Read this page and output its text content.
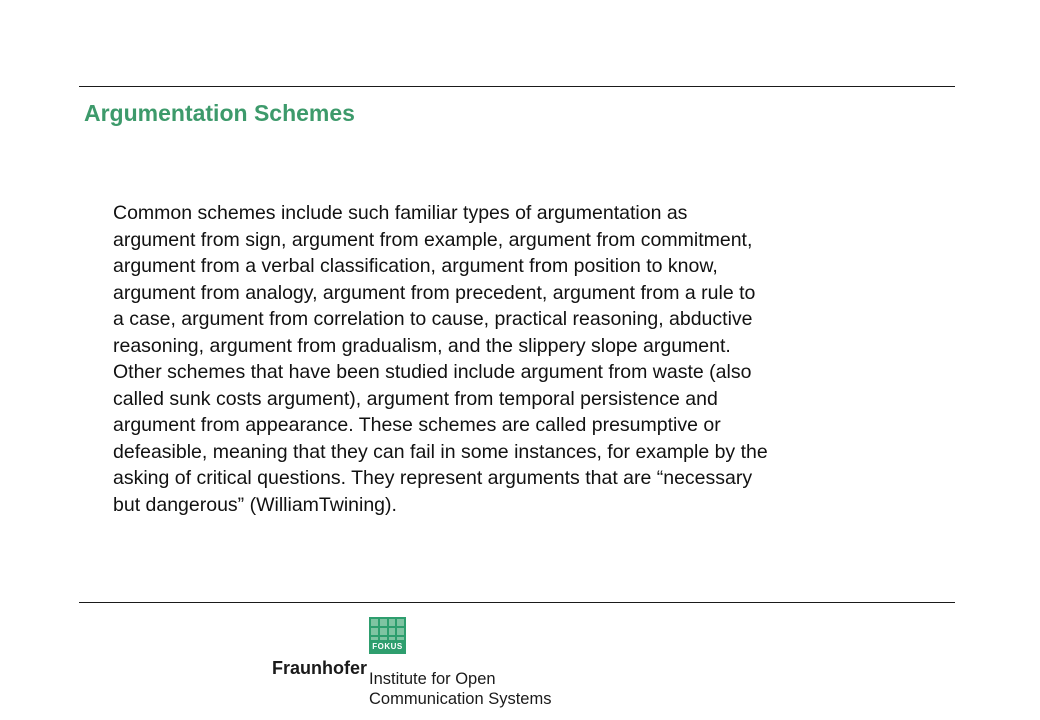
Argumentation Schemes
Common schemes include such familiar types of argumentation as
argument from sign, argument from example, argument from commitment,
argument from a verbal classification, argument from position to know,
argument from analogy, argument from precedent, argument from a rule to
a case, argument from correlation to cause, practical reasoning, abductive
reasoning, argument from gradualism, and the slippery slope argument.
Other schemes that have been studied include argument from waste (also
called sunk costs argument), argument from temporal persistence and
argument from appearance. These schemes are called presumptive or
defeasible, meaning that they can fail in some instances, for example by the
asking of critical questions. They represent arguments that are “necessary
but dangerous” (WilliamTwining).
FOKUS
Fraunhofer
Institute for Open
Communication Systems
